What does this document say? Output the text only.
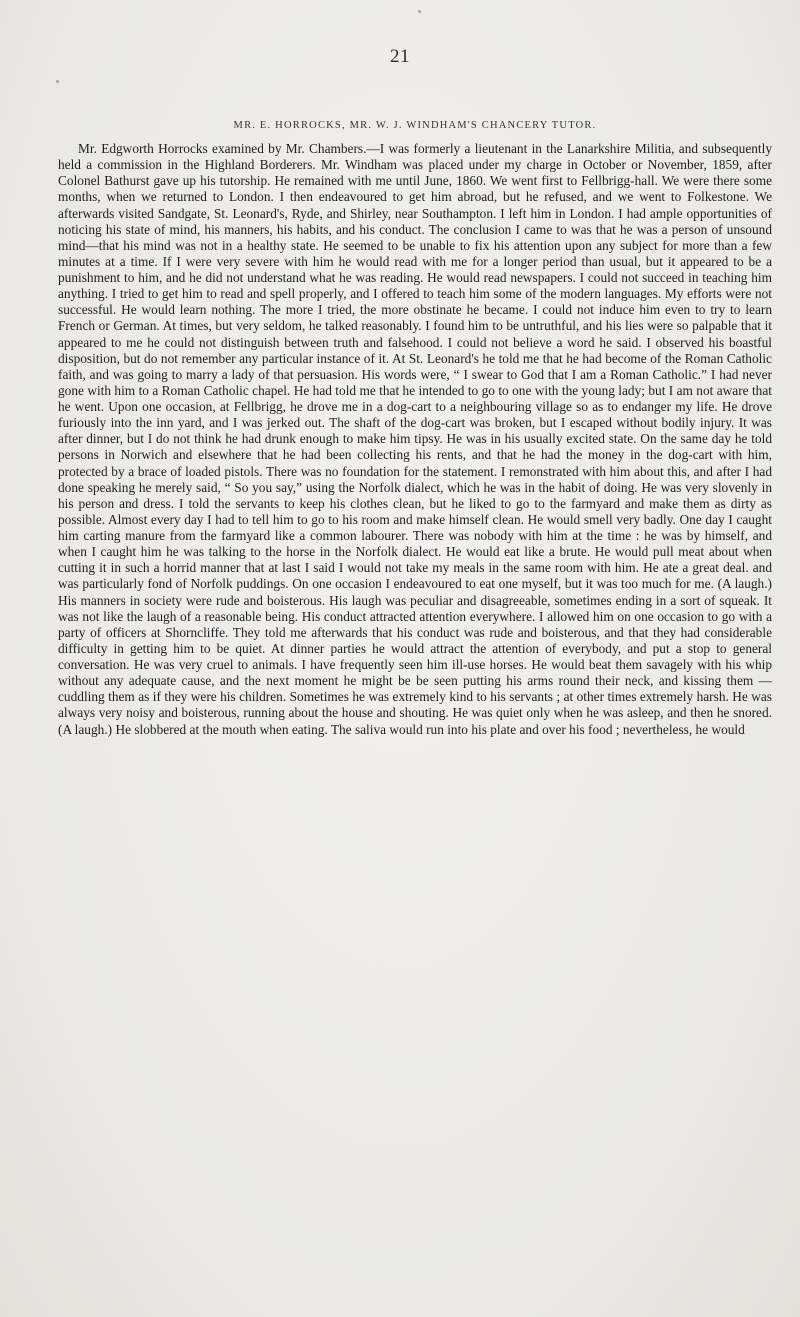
21
MR. E. HORROCKS, MR. W. J. WINDHAM'S CHANCERY TUTOR.

Mr. Edgworth Horrocks examined by Mr. Chambers.—I was formerly a lieutenant in the Lanarkshire Militia, and subsequently held a commission in the Highland Borderers. Mr. Windham was placed under my charge in October or November, 1859, after Colonel Bathurst gave up his tutorship. He remained with me until June, 1860. We went first to Fellbrigg-hall. We were there some months, when we returned to London. I then endeavoured to get him abroad, but he refused, and we went to Folkestone. We afterwards visited Sandgate, St. Leonard's, Ryde, and Shirley, near Southampton. I left him in London. I had ample opportunities of noticing his state of mind, his manners, his habits, and his conduct. The conclusion I came to was that he was a person of unsound mind—that his mind was not in a healthy state. He seemed to be unable to fix his attention upon any subject for more than a few minutes at a time. If I were very severe with him he would read with me for a longer period than usual, but it appeared to be a punishment to him, and he did not understand what he was reading. He would read newspapers. I could not succeed in teaching him anything. I tried to get him to read and spell properly, and I offered to teach him some of the modern languages. My efforts were not successful. He would learn nothing. The more I tried, the more obstinate he became. I could not induce him even to try to learn French or German. At times, but very seldom, he talked reasonably. I found him to be untruthful, and his lies were so palpable that it appeared to me he could not distinguish between truth and falsehood. I could not believe a word he said. I observed his boastful disposition, but do not remember any particular instance of it. At St. Leonard's he told me that he had become of the Roman Catholic faith, and was going to marry a lady of that persuasion. His words were, “ I swear to God that I am a Roman Catholic.” I had never gone with him to a Roman Catholic chapel. He had told me that he intended to go to one with the young lady; but I am not aware that he went. Upon one occasion, at Fellbrigg, he drove me in a dog-cart to a neighbouring village so as to endanger my life. He drove furiously into the inn yard, and I was jerked out. The shaft of the dog-cart was broken, but I escaped without bodily injury. It was after dinner, but I do not think he had drunk enough to make him tipsy. He was in his usually excited state. On the same day he told persons in Norwich and elsewhere that he had been collecting his rents, and that he had the money in the dog-cart with him, protected by a brace of loaded pistols. There was no foundation for the statement. I remonstrated with him about this, and after I had done speaking he merely said, “ So you say,” using the Norfolk dialect, which he was in the habit of doing. He was very slovenly in his person and dress. I told the servants to keep his clothes clean, but he liked to go to the farmyard and make them as dirty as possible. Almost every day I had to tell him to go to his room and make himself clean. He would smell very badly. One day I caught him carting manure from the farmyard like a common labourer. There was nobody with him at the time : he was by himself, and when I caught him he was talking to the horse in the Norfolk dialect. He would eat like a brute. He would pull meat about when cutting it in such a horrid manner that at last I said I would not take my meals in the same room with him. He ate a great deal. and was particularly fond of Norfolk puddings. On one occasion I endeavoured to eat one myself, but it was too much for me. (A laugh.) His manners in society were rude and boisterous. His laugh was peculiar and disagreeable, sometimes ending in a sort of squeak. It was not like the laugh of a reasonable being. His conduct attracted attention everywhere. I allowed him on one occasion to go with a party of officers at Shorncliffe. They told me afterwards that his conduct was rude and boisterous, and that they had considerable difficulty in getting him to be quiet. At dinner parties he would attract the attention of everybody, and put a stop to general conversation. He was very cruel to animals. I have frequently seen him ill-use horses. He would beat them savagely with his whip without any adequate cause, and the next moment he might be be seen putting his arms round their neck, and kissing them —cuddling them as if they were his children. Sometimes he was extremely kind to his servants ; at other times extremely harsh. He was always very noisy and boisterous, running about the house and shouting. He was quiet only when he was asleep, and then he snored. (A laugh.) He slobbered at the mouth when eating. The saliva would run into his plate and over his food ; nevertheless, he would
